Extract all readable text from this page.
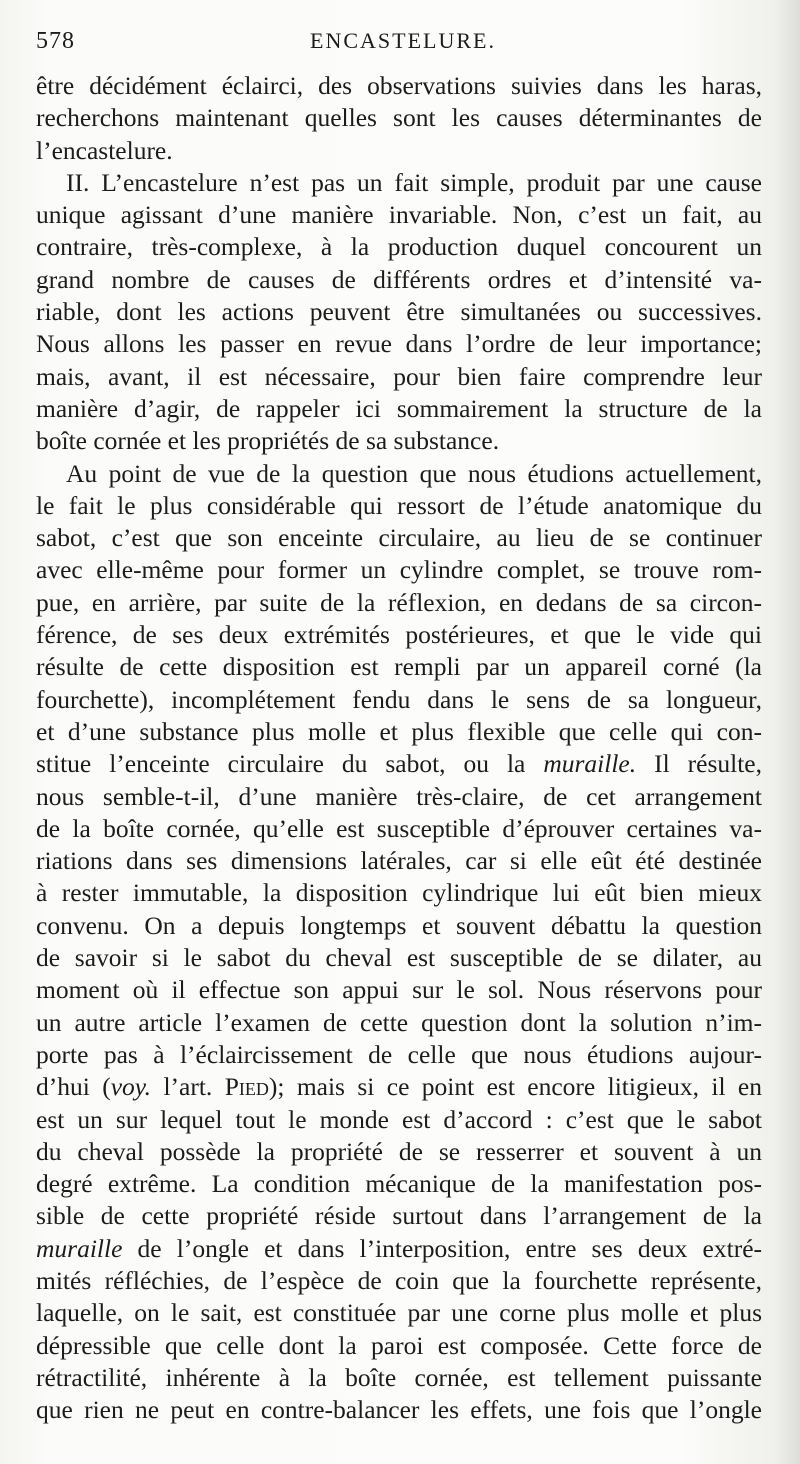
578	ENCASTELURE.
être décidément éclairci, des observations suivies dans les haras,
recherchons maintenant quelles sont les causes déterminantes de
l’encastelure.
II. L’encastelure n’est pas un fait simple, produit par une cause
unique agissant d’une manière invariable. Non, c’est un fait, au
contraire, très-complexe, à la production duquel concourent un
grand nombre de causes de différents ordres et d’intensité va-
riable, dont les actions peuvent être simultanées ou successives.
Nous allons les passer en revue dans l’ordre de leur importance;
mais, avant, il est nécessaire, pour bien faire comprendre leur
manière d’agir, de rappeler ici sommairement la structure de la
boîte cornée et les propriétés de sa substance.
Au point de vue de la question que nous étudions actuellement,
le fait le plus considérable qui ressort de l’étude anatomique du
sabot, c’est que son enceinte circulaire, au lieu de se continuer
avec elle-même pour former un cylindre complet, se trouve rom-
pue, en arrière, par suite de la réflexion, en dedans de sa circon-
férence, de ses deux extrémités postérieures, et que le vide qui
résulte de cette disposition est rempli par un appareil corné (la
fourchette), incomplétement fendu dans le sens de sa longueur,
et d’une substance plus molle et plus flexible que celle qui con-
stitue l’enceinte circulaire du sabot, ou la muraille. Il résulte,
nous semble-t-il, d’une manière très-claire, de cet arrangement
de la boîte cornée, qu’elle est susceptible d’éprouver certaines va-
riations dans ses dimensions latérales, car si elle eût été destinée
à rester immutable, la disposition cylindrique lui eût bien mieux
convenu. On a depuis longtemps et souvent débattu la question
de savoir si le sabot du cheval est susceptible de se dilater, au
moment où il effectue son appui sur le sol. Nous réservons pour
un autre article l’examen de cette question dont la solution n’im-
porte pas à l’éclaircissement de celle que nous étudions aujour-
d’hui (voy. l’art. Pied); mais si ce point est encore litigieux, il en
est un sur lequel tout le monde est d’accord : c’est que le sabot
du cheval possède la propriété de se resserrer et souvent à un
degré extrême. La condition mécanique de la manifestation pos-
sible de cette propriété réside surtout dans l’arrangement de la
muraille de l’ongle et dans l’interposition, entre ses deux extré-
mités réfléchies, de l’espèce de coin que la fourchette représente,
laquelle, on le sait, est constituée par une corne plus molle et plus
dépressible que celle dont la paroi est composée. Cette force de
rétractilité, inhérente à la boîte cornée, est tellement puissante
que rien ne peut en contre-balancer les effets, une fois que l’ongle
